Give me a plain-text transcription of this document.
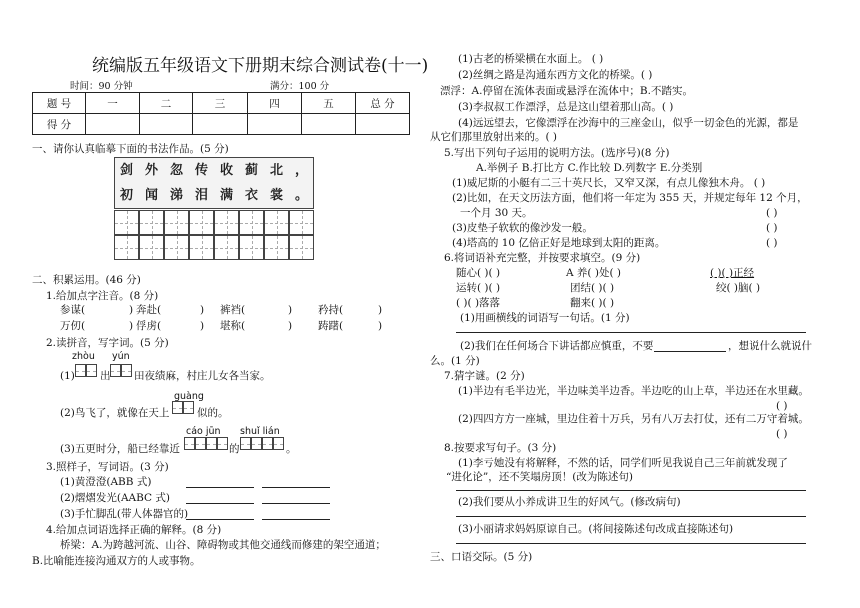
统编版五年级语文下册期末综合测试卷(十一)
时间：90 分钟	满分：100 分
题 号	一	二	三	四	五	总 分
得 分						
一、请你认真临摹下面的书法作品。(5 分)
剑 外 忽 传 收 蓟 北 ，
初 闻 涕 泪 满 衣 裳 。
二、积累运用。(46 分)
1.给加点字注音。(8 分)
参谋(	) 奔赴(	) 裤裆(	) 矜持(	)
万仞(	) 俘虏(	) 堪称(	) 踌躇(	)
2.读拼音，写字词。(5 分)
zhòu yún
(1) 出 田夜绩麻，村庄儿女各当家。
guàng
(2)鸟飞了，就像在天上	似的。
cáo jūn shuǐ lián
(3)五更时分，船已经靠近	的	。
3.照样子，写词语。(3 分)
(1)黄澄澄(ABB 式)
(2)熠熠发光(AABC 式)
(3)手忙脚乱(带人体器官的)
4.给加点词语选择正确的解释。(8 分)
桥梁：A.为跨越河流、山谷、障碍物或其他交通线而修建的架空通道；
B.比喻能连接沟通双方的人或事物。
(1)古老的桥梁横在水面上。 ( )
(2)丝绸之路是沟通东西方文化的桥梁。( )
漂浮：A.停留在流体表面或悬浮在流体中；B.不踏实。
(3)李叔叔工作漂浮，总是这山望着那山高。( )
(4)远远望去，它像漂浮在沙海中的三座金山，似乎一切金色的光源，都是
从它们那里放射出来的。( )
5.写出下列句子运用的说明方法。(选序号)(8 分)
A.举例子 B.打比方 C.作比较 D.列数字 E.分类别
(1)威尼斯的小艇有二三十英尺长，又窄又深，有点儿像独木舟。 ( )
(2)比如，在天文历法方面，他们将一年定为 355 天，并规定每年 12 个月，
一个月 30 天。	( )
(3)皮垫子软软的像沙发一般。	( )
(4)塔高的 10 亿倍正好是地球到太阳的距离。	( )
6.将词语补充完整，并按要求填空。(9 分)
随心( )( )	A 养( )处( )	( )( )正经
运转( )( )	团结( )( )	绞( )脑( )
( )( )落落	翻来( )( )
(1)用画横线的词语写一句话。(1 分)
(2)我们在任何场合下讲话都应慎重，不要	，想说什么就说什
么。(1 分)
7.猜字谜。(2 分)
(1)半边有毛半边光，半边味美半边香。半边吃的山上草，半边还在水里藏。
( )
(2)四四方方一座城，里边住着十万兵，另有八万去打仗，还有二万守着城。
( )
8.按要求写句子。(3 分)
(1)李亏她没有将解释，不然的话，同学们听见我说自己三年前就发现了
“进化论”，还不笑塌房顶！(改为陈述句)
(2)我们要从小养成讲卫生的好风气。(修改病句)
(3)小丽请求妈妈原谅自己。(将间接陈述句改成直接陈述句)
三、口语交际。(5 分)
